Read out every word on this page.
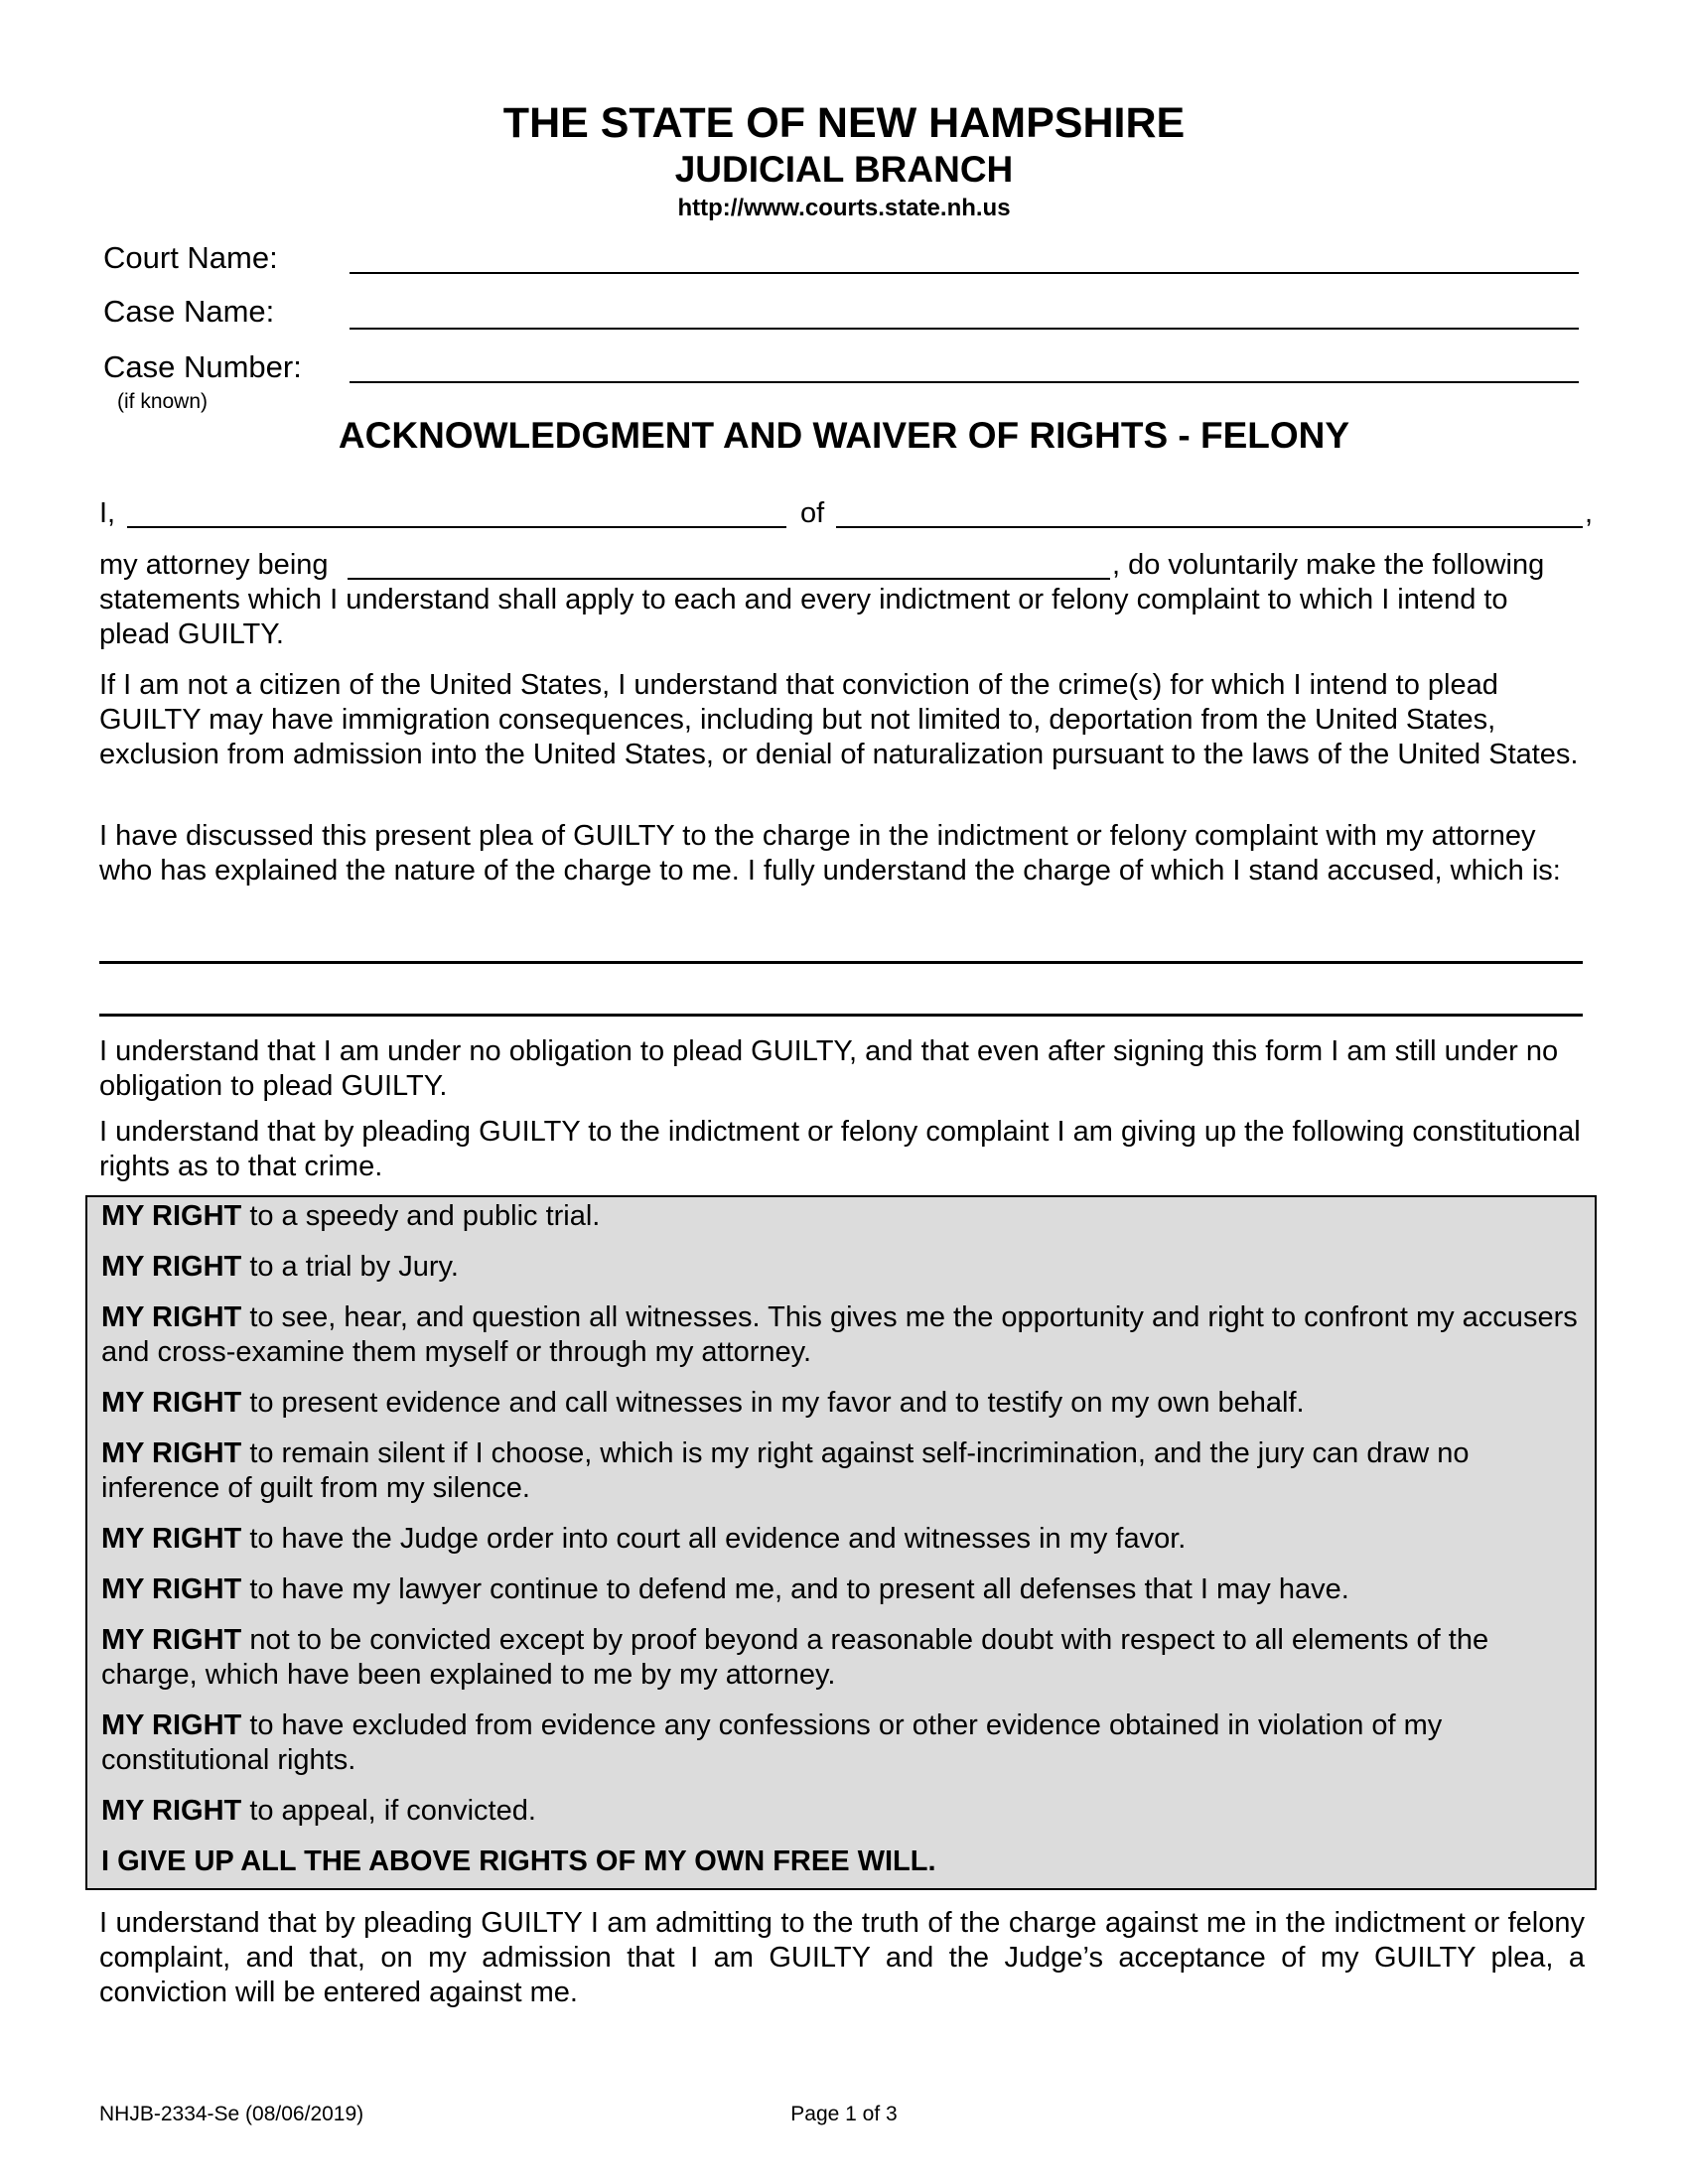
THE STATE OF NEW HAMPSHIRE
JUDICIAL BRANCH
http://www.courts.state.nh.us
Court Name:
Case Name:
Case Number:
(if known)
ACKNOWLEDGMENT AND WAIVER OF RIGHTS - FELONY
I,	of	,
my attorney being	, do voluntarily make the following
statements which I understand shall apply to each and every indictment or felony complaint to which I intend to plead GUILTY.
If I am not a citizen of the United States, I understand that conviction of the crime(s) for which I intend to plead GUILTY may have immigration consequences, including but not limited to, deportation from the United States, exclusion from admission into the United States, or denial of naturalization pursuant to the laws of the United States.
I have discussed this present plea of GUILTY to the charge in the indictment or felony complaint with my attorney who has explained the nature of the charge to me. I fully understand the charge of which I stand accused, which is:
I understand that I am under no obligation to plead GUILTY, and that even after signing this form I am still under no obligation to plead GUILTY.
I understand that by pleading GUILTY to the indictment or felony complaint I am giving up the following constitutional rights as to that crime.
MY RIGHT to a speedy and public trial.
MY RIGHT to a trial by Jury.
MY RIGHT to see, hear, and question all witnesses. This gives me the opportunity and right to confront my accusers and cross-examine them myself or through my attorney.
MY RIGHT to present evidence and call witnesses in my favor and to testify on my own behalf.
MY RIGHT to remain silent if I choose, which is my right against self-incrimination, and the jury can draw no inference of guilt from my silence.
MY RIGHT to have the Judge order into court all evidence and witnesses in my favor.
MY RIGHT to have my lawyer continue to defend me, and to present all defenses that I may have.
MY RIGHT not to be convicted except by proof beyond a reasonable doubt with respect to all elements of the charge, which have been explained to me by my attorney.
MY RIGHT to have excluded from evidence any confessions or other evidence obtained in violation of my constitutional rights.
MY RIGHT to appeal, if convicted.
I GIVE UP ALL THE ABOVE RIGHTS OF MY OWN FREE WILL.
I understand that by pleading GUILTY I am admitting to the truth of the charge against me in the indictment or felony complaint, and that, on my admission that I am GUILTY and the Judge’s acceptance of my GUILTY plea, a conviction will be entered against me.
NHJB-2334-Se (08/06/2019)	Page 1 of 3
